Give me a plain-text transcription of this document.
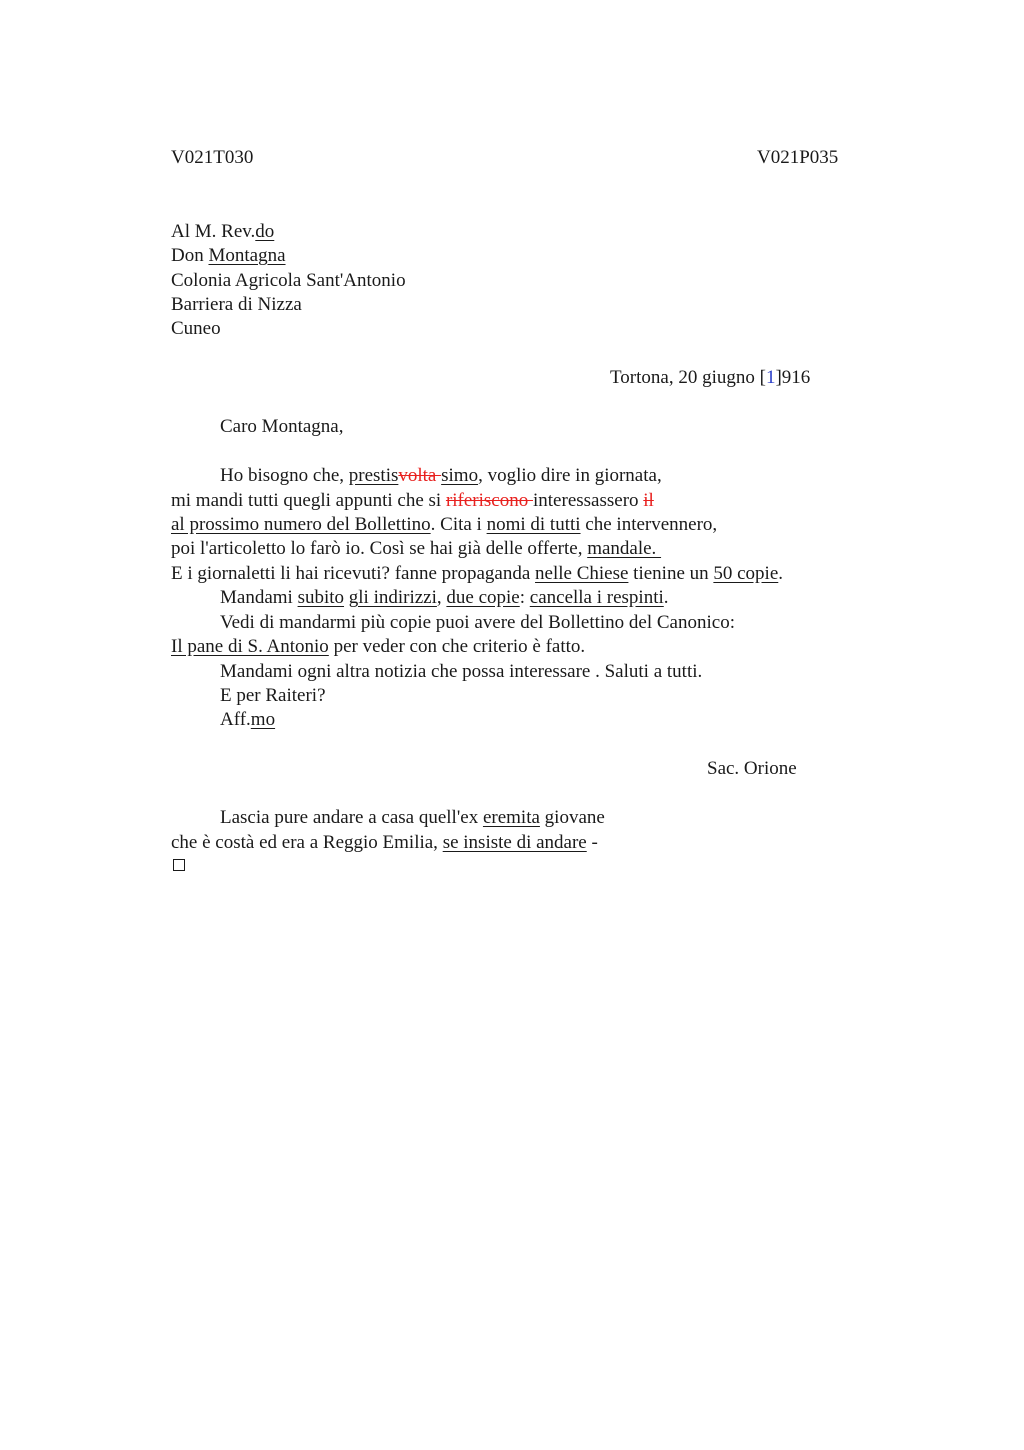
V021T030	V021P035
Al M. Rev.do
Don Montagna
Colonia Agricola Sant'Antonio
Barriera di Nizza
Cuneo
Tortona, 20 giugno [1]916
Caro Montagna,
Ho bisogno che, prestisvolta simo, voglio dire in giornata,
mi mandi tutti quegli appunti che si riferiscono interessassero il
al prossimo numero del Bollettino. Cita i nomi di tutti che intervennero,
poi l'articoletto lo farò io. Così se hai già delle offerte, mandale.
E i giornaletti li hai ricevuti? fanne propaganda nelle Chiese tienine un 50 copie.
Mandami subito gli indirizzi, due copie: cancella i respinti.
Vedi di mandarmi più copie puoi avere del Bollettino del Canonico:
Il pane di S. Antonio per veder con che criterio è fatto.
Mandami ogni altra notizia che possa interessare . Saluti a tutti.
E per Raiteri?
Aff.mo
Sac. Orione
Lascia pure andare a casa quell'ex eremita giovane
che è costà ed era a Reggio Emilia, se insiste di andare -
